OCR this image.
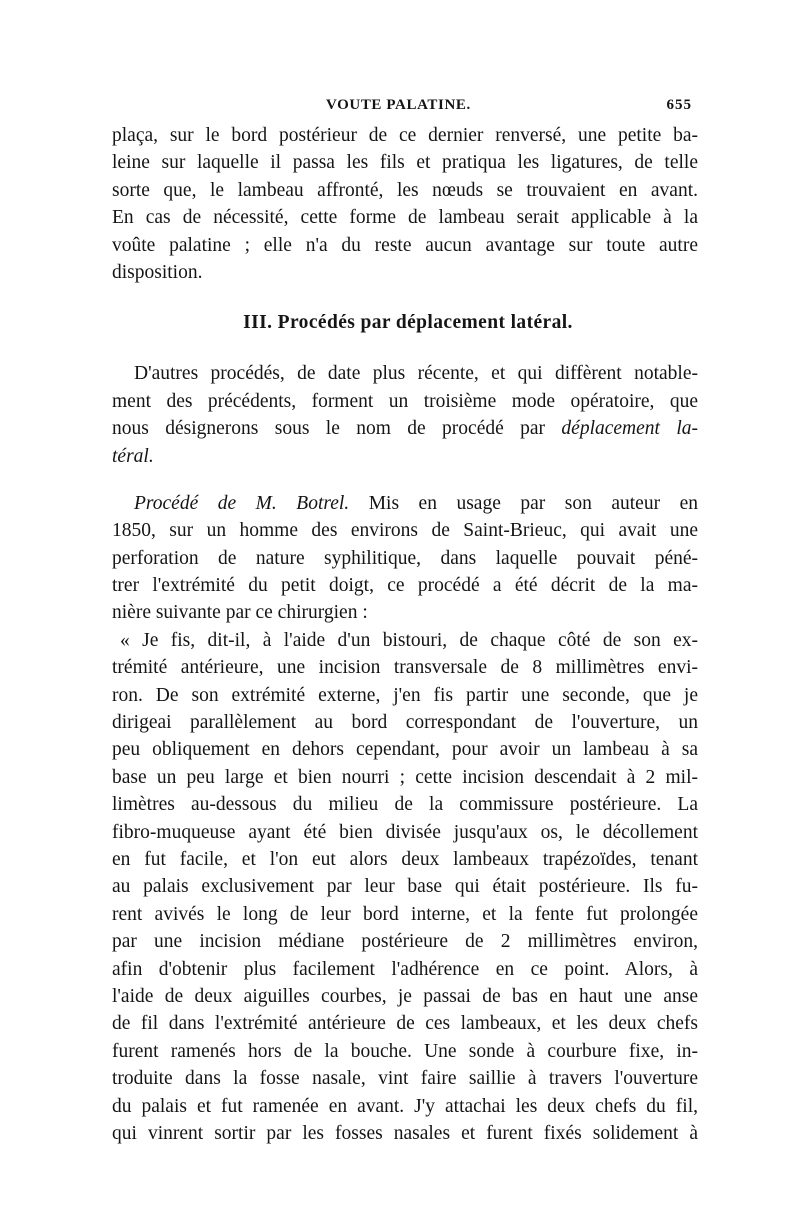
VOUTE PALATINE.	655
plaça, sur le bord postérieur de ce dernier renversé, une petite ba-
leine sur laquelle il passa les fils et pratiqua les ligatures, de telle
sorte que, le lambeau affronté, les nœuds se trouvaient en avant.
En cas de nécessité, cette forme de lambeau serait applicable à la
voûte palatine ; elle n'a du reste aucun avantage sur toute autre
disposition.
III. Procédés par déplacement latéral.
D'autres procédés, de date plus récente, et qui diffèrent notable-
ment des précédents, forment un troisième mode opératoire, que
nous désignerons sous le nom de procédé par déplacement la-
téral.
Procédé de M. Botrel. Mis en usage par son auteur en
1850, sur un homme des environs de Saint-Brieuc, qui avait une
perforation de nature syphilitique, dans laquelle pouvait péné-
trer l'extrémité du petit doigt, ce procédé a été décrit de la ma-
nière suivante par ce chirurgien :
« Je fis, dit-il, à l'aide d'un bistouri, de chaque côté de son ex-
trémité antérieure, une incision transversale de 8 millimètres envi-
ron. De son extrémité externe, j'en fis partir une seconde, que je
dirigeai parallèlement au bord correspondant de l'ouverture, un
peu obliquement en dehors cependant, pour avoir un lambeau à sa
base un peu large et bien nourri ; cette incision descendait à 2 mil-
limètres au-dessous du milieu de la commissure postérieure. La
fibro-muqueuse ayant été bien divisée jusqu'aux os, le décollement
en fut facile, et l'on eut alors deux lambeaux trapézoïdes, tenant
au palais exclusivement par leur base qui était postérieure. Ils fu-
rent avivés le long de leur bord interne, et la fente fut prolongée
par une incision médiane postérieure de 2 millimètres environ,
afin d'obtenir plus facilement l'adhérence en ce point. Alors, à
l'aide de deux aiguilles courbes, je passai de bas en haut une anse
de fil dans l'extrémité antérieure de ces lambeaux, et les deux chefs
furent ramenés hors de la bouche. Une sonde à courbure fixe, in-
troduite dans la fosse nasale, vint faire saillie à travers l'ouverture
du palais et fut ramenée en avant. J'y attachai les deux chefs du fil,
qui vinrent sortir par les fosses nasales et furent fixés solidement à
